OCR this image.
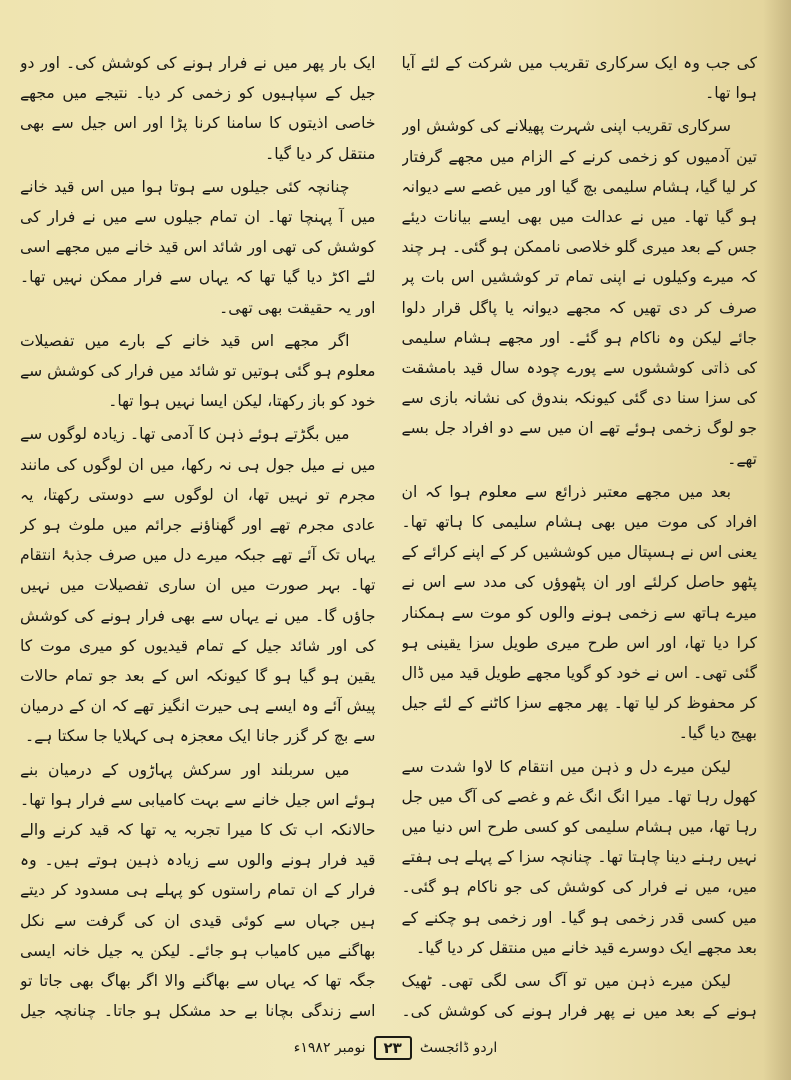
کی جب وہ ایک سرکاری تقریب میں شرکت کے لئے آیا ہوا تھا۔

سرکاری تقریب اپنی شہرت پھیلانے کی کوشش اور تین آدمیوں کو زخمی کرنے کے الزام میں مجھے گرفتار کر لیا گیا، ہشام سلیمی بچ گیا اور میں غصے سے دیوانہ ہو گیا تھا۔ میں نے عدالت میں بھی ایسے بیانات دیئے جس کے بعد میری گلو خلاصی ناممکن ہو گئی۔ ہر چند کہ میرے وکیلوں نے اپنی تمام تر کوششیں اس بات پر صرف کر دی تھیں کہ مجھے دیوانہ یا پاگل قرار دلوا جائے لیکن وہ ناکام ہو گئے۔ اور مجھے ہشام سلیمی کی ذاتی کوششوں سے پورے چودہ سال قید بامشقت کی سزا سنا دی گئی کیونکہ بندوق کی نشانہ بازی سے جو لوگ زخمی ہوئے تھے ان میں سے دو افراد جل بسے تھے۔

بعد میں مجھے معتبر ذرائع سے معلوم ہوا کہ ان افراد کی موت میں بھی ہشام سلیمی کا ہاتھ تھا۔ یعنی اس نے ہسپتال میں کوششیں کر کے اپنے کرائے کے پٹھو حاصل کرلئے اور ان پٹھوؤں کی مدد سے اس نے میرے ہاتھ سے زخمی ہونے والوں کو موت سے ہمکنار کرا دیا تھا، اور اس طرح میری طویل سزا یقینی ہو گئی تھی۔ اس نے خود کو گویا مجھے طویل قید میں ڈال کر محفوظ کر لیا تھا۔ پھر مجھے سزا کاٹنے کے لئے جیل بھیج دیا گیا۔

لیکن میرے دل و ذہن میں انتقام کا لاوا شدت سے کھول رہا تھا۔ میرا انگ انگ غم و غصے کی آگ میں جل رہا تھا، میں ہشام سلیمی کو کسی طرح اس دنیا میں نہیں رہنے دینا چاہتا تھا۔ چنانچہ سزا کے پہلے ہی ہفتے میں، میں نے فرار کی کوشش کی جو ناکام ہو گئی۔ میں کسی قدر زخمی ہو گیا۔ اور زخمی ہو چکنے کے بعد مجھے ایک دوسرے قید خانے میں منتقل کر دیا گیا۔

لیکن میرے ذہن میں تو آگ سی لگی تھی۔ ٹھیک ہونے کے بعد میں نے پھر فرار ہونے کی کوشش کی۔

ایک بار پھر میں نے فرار ہونے کی کوشش کی۔ اور دو جیل کے سپاہیوں کو زخمی کر دیا۔ نتیجے میں مجھے خاصی اذیتوں کا سامنا کرنا پڑا اور اس جیل سے بھی منتقل کر دیا گیا۔

چنانچہ کئی جیلوں سے ہوتا ہوا میں اس قید خانے میں آ پہنچا تھا۔ ان تمام جیلوں سے میں نے فرار کی کوشش کی تھی اور شائد اس قید خانے میں مجھے اسی لئے اکڑ دیا گیا تھا کہ یہاں سے فرار ممکن نہیں تھا۔ اور یہ حقیقت بھی تھی۔

اگر مجھے اس قید خانے کے بارے میں تفصیلات معلوم ہو گئی ہوتیں تو شائد میں فرار کی کوشش سے خود کو باز رکھتا، لیکن ایسا نہیں ہوا تھا۔

میں بگڑتے ہوئے ذہن کا آدمی تھا۔ زیادہ لوگوں سے میں نے میل جول ہی نہ رکھا، میں ان لوگوں کی مانند مجرم تو نہیں تھا، ان لوگوں سے دوستی رکھتا، یہ عادی مجرم تھے اور گھناؤنے جرائم میں ملوث ہو کر یہاں تک آئے تھے جبکہ میرے دل میں صرف جذبۂ انتقام تھا۔ بہر صورت میں ان ساری تفصیلات میں نہیں جاؤں گا۔ میں نے یہاں سے بھی فرار ہونے کی کوشش کی اور شائد جیل کے تمام قیدیوں کو میری موت کا یقین ہو گیا ہو گا کیونکہ اس کے بعد جو تمام حالات پیش آئے وہ ایسے ہی حیرت انگیز تھے کہ ان کے درمیان سے بچ کر گزر جانا ایک معجزہ ہی کہلایا جا سکتا ہے۔

میں سربلند اور سرکش پہاڑوں کے درمیان بنے ہوئے اس جیل خانے سے بہت کامیابی سے فرار ہوا تھا۔ حالانکہ اب تک کا میرا تجربہ یہ تھا کہ قید کرنے والے قید فرار ہونے والوں سے زیادہ ذہین ہوتے ہیں۔ وہ فرار کے ان تمام راستوں کو پہلے ہی مسدود کر دیتے ہیں جہاں سے کوئی قیدی ان کی گرفت سے نکل بھاگنے میں کامیاب ہو جائے۔ لیکن یہ جیل خانہ ایسی جگہ تھا کہ یہاں سے بھاگنے والا اگر بھاگ بھی جاتا تو اسے زندگی بچانا بے حد مشکل ہو جاتا۔ چنانچہ جیل

اردو ڈائجسٹ
۲۳
نومبر ۱۹۸۲ء
